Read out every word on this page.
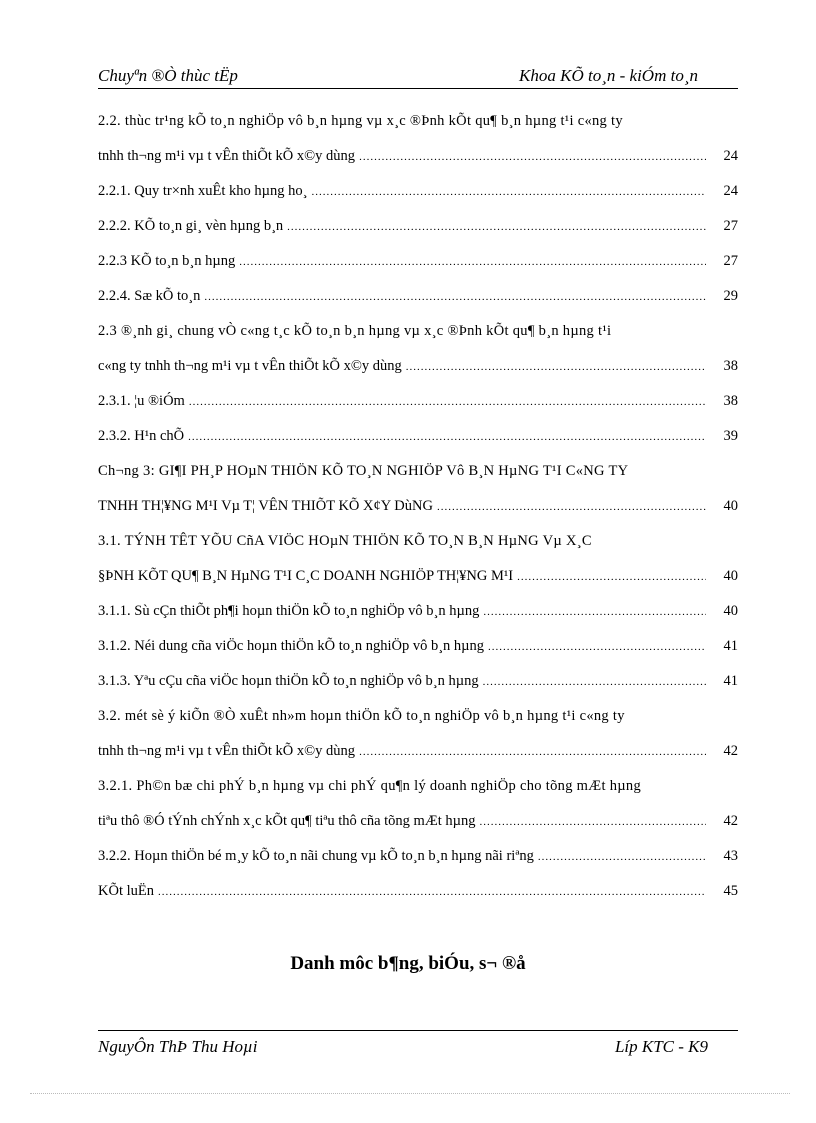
Chuyªn ®Ò thùc tËp	Khoa KÕ to¸n - kiÓm to¸n
2.2. thùc tr¹ng kÕ to¸n nghiÖp vô b¸n hµng vµ x¸c ®Þnh kÕt qu¶ b¸n hµng t¹i c«ng ty
tnhh th¬ng m¹i vµ t vÊn thiÕt kÕ x©y dùng .....	24
2.2.1. Quy tr×nh xuÊt kho hµng ho¸ .....	24
2.2.2. KÕ to¸n gi¸ vèn hµng b¸n .....	27
2.2.3 KÕ to¸n b¸n hµng .....	27
2.2.4. Sæ kÕ to¸n .....	29
2.3 ®¸nh gi¸ chung vÒ c«ng t¸c kÕ to¸n b¸n hµng vµ x¸c ®Þnh kÕt qu¶ b¸n hµng t¹i
c«ng ty tnhh th¬ng m¹i vµ t vÊn thiÕt kÕ x©y dùng .....	38
2.3.1. ¦u ®iÓm .....	38
2.3.2. H¹n chÕ .....	39
Ch¬ng 3: GI¶I PH¸P HOµN THIÖN KÕ TO¸N NGHIÖP Vô B¸N HµNG T¹I C«NG TY
TNHH TH¦¥NG M¹I Vµ T¦ VÊN THIÕT KÕ X¢Y DùNG .....	40
3.1. TÝNH TÊT YÕU CñA VIÖC HOµN THIÖN KÕ TO¸N B¸N HµNG Vµ X¸C
§ÞNH KÕT QU¶ B¸N HµNG T¹I C¸C DOANH NGHIÖP TH¦¥NG M¹I .....	40
3.1.1. Sù cÇn thiÕt ph¶i hoµn thiÖn kÕ to¸n nghiÖp vô b¸n hµng .....	40
3.1.2. Néi dung cña viÖc hoµn thiÖn kÕ to¸n nghiÖp vô b¸n hµng .....	41
3.1.3. Yªu cÇu cña viÖc hoµn thiÖn kÕ to¸n nghiÖp vô b¸n hµng .....	41
3.2. mét sè ý kiÕn ®Ò xuÊt nh»m hoµn thiÖn kÕ to¸n nghiÖp vô b¸n hµng t¹i c«ng ty
tnhh th¬ng m¹i vµ t vÊn thiÕt kÕ x©y dùng .....	42
3.2.1. Ph©n bæ chi phÝ b¸n hµng vµ chi phÝ qu¶n lý doanh nghiÖp cho tõng mÆt hµng
tiªu thô ®Ó tÝnh chÝnh x¸c kÕt qu¶ tiªu thô cña tõng mÆt hµng .....	42
3.2.2. Hoµn thiÖn bé m¸y kÕ to¸n nãi chung vµ kÕ to¸n b¸n hµng nãi riªng .....	43
KÕt luËn .....	45
Danh môc b¶ng, biÓu, s¬ ®å
NguyÔn ThÞ Thu Hoµi	Líp KTC - K9
